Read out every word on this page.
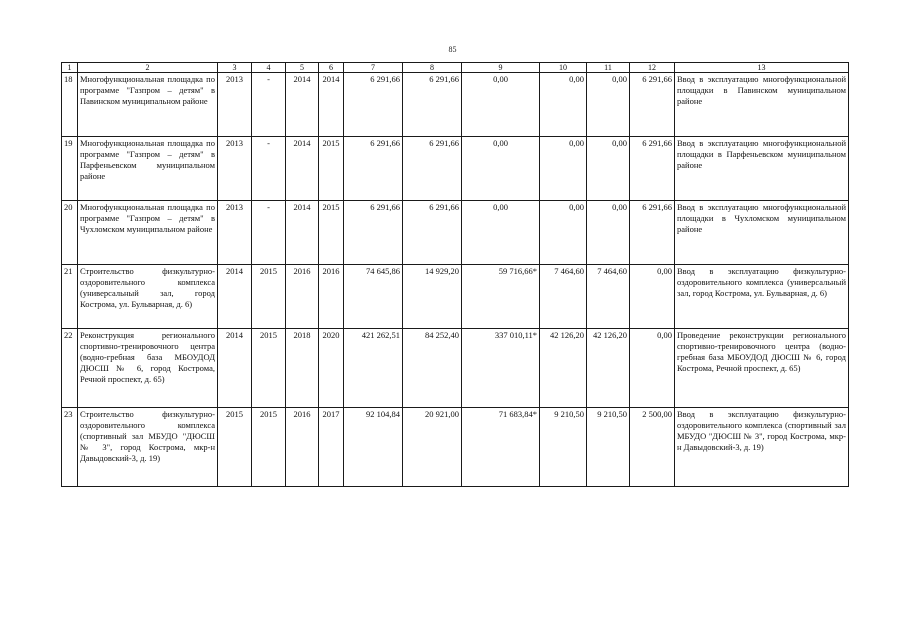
85
1	2	3	4	5	6	7	8	9	10	11	12	13
18	Многофункциональная площадка по программе "Газпром – детям" в Павинском муниципальном районе	2013	-	2014	2014	6 291,66	6 291,66	0,00	0,00	0,00	6 291,66	Ввод в эксплуатацию многофункциональной площадки в Павинском муниципальном районе
19	Многофункциональная площадка по программе "Газпром – детям" в Парфеньевском муниципальном районе	2013	-	2014	2015	6 291,66	6 291,66	0,00	0,00	0,00	6 291,66	Ввод в эксплуатацию многофункциональной площадки в Парфеньевском муниципальном районе
20	Многофункциональная площадка по программе "Газпром – детям" в Чухломском муниципальном районе	2013	-	2014	2015	6 291,66	6 291,66	0,00	0,00	0,00	6 291,66	Ввод в эксплуатацию многофункциональной площадки в Чухломском муниципальном районе
21	Строительство физкультурно-оздоровительного комплекса (универсальный зал, город Кострома, ул. Бульварная, д. 6)	2014	2015	2016	2016	74 645,86	14 929,20	59 716,66*	7 464,60	7 464,60	0,00	Ввод в эксплуатацию физкультурно-оздоровительного комплекса (универсальный зал, город Кострома, ул. Бульварная, д. 6)
22	Реконструкция регионального спортивно-тренировочного центра (водно-гребная база МБОУДОД ДЮСШ № 6, город Кострома, Речной проспект, д. 65)	2014	2015	2018	2020	421 262,51	84 252,40	337 010,11*	42 126,20	42 126,20	0,00	Проведение реконструкции регионального спортивно-тренировочного центра (водно-гребная база МБОУДОД ДЮСШ № 6, город Кострома, Речной проспект, д. 65)
23	Строительство физкультурно-оздоровительного комплекса (спортивный зал МБУДО "ДЮСШ № 3", город Кострома, мкр-н Давыдовский-3, д. 19)	2015	2015	2016	2017	92 104,84	20 921,00	71 683,84*	9 210,50	9 210,50	2 500,00	Ввод в эксплуатацию физкультурно-оздоровительного комплекса (спортивный зал МБУДО "ДЮСШ № 3", город Кострома, мкр-н Давыдовский-3, д. 19)
